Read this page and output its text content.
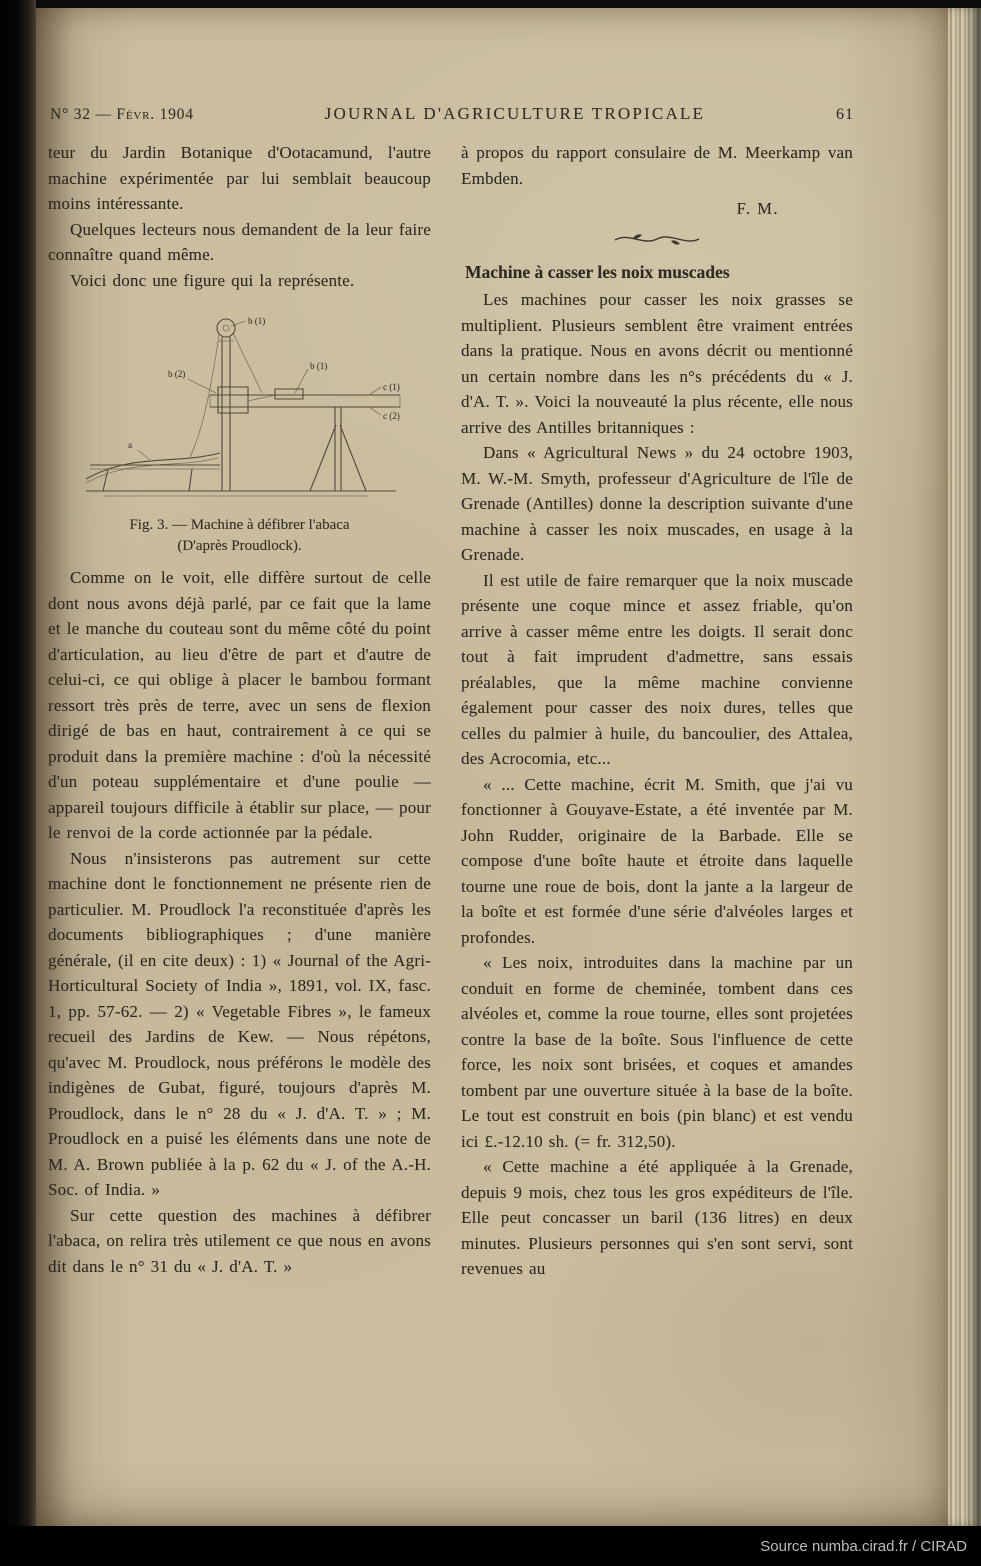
N° 32 — Févr. 1904	JOURNAL D'AGRICULTURE TROPICALE	61

teur du Jardin Botanique d'Ootacamund, l'autre machine expérimentée par lui semblait beaucoup moins intéressante.

Quelques lecteurs nous demandent de la leur faire connaître quand même.

Voici donc une figure qui la représente.

b (1)
b (1)
b (2)
c (1)
c (2)
a
Fig. 3. — Machine à défibrer l'abaca
(D'après Proudlock).

Comme on le voit, elle diffère surtout de celle dont nous avons déjà parlé, par ce fait que la lame et le manche du couteau sont du même côté du point d'articulation, au lieu d'être de part et d'autre de celui-ci, ce qui oblige à placer le bambou formant ressort très près de terre, avec un sens de flexion dirigé de bas en haut, contrairement à ce qui se produit dans la première machine : d'où la nécessité d'un poteau supplémentaire et d'une poulie — appareil toujours difficile à établir sur place, — pour le renvoi de la corde actionnée par la pédale.

Nous n'insisterons pas autrement sur cette machine dont le fonctionnement ne présente rien de particulier. M. Proudlock l'a reconstituée d'après les documents bibliographiques ; d'une manière générale, (il en cite deux) : 1) « Journal of the Agri-Horticultural Society of India », 1891, vol. IX, fasc. 1, pp. 57-62. — 2) « Vegetable Fibres », le fameux recueil des Jardins de Kew. — Nous répétons, qu'avec M. Proudlock, nous préférons le modèle des indigènes de Gubat, figuré, toujours d'après M. Proudlock, dans le n° 28 du « J. d'A. T. » ; M. Proudlock en a puisé les éléments dans une note de M. A. Brown publiée à la p. 62 du « J. of the A.-H. Soc. of India. »

Sur cette question des machines à défibrer l'abaca, on relira très utilement ce que nous en avons dit dans le n° 31 du « J. d'A. T. »

à propos du rapport consulaire de M. Meerkamp van Embden.

F. M.
Machine à casser les noix muscades

Les machines pour casser les noix grasses se multiplient. Plusieurs semblent être vraiment entrées dans la pratique. Nous en avons décrit ou mentionné un certain nombre dans les n°s précédents du « J. d'A. T. ». Voici la nouveauté la plus récente, elle nous arrive des Antilles britanniques :

Dans « Agricultural News » du 24 octobre 1903, M. W.-M. Smyth, professeur d'Agriculture de l'île de Grenade (Antilles) donne la description suivante d'une machine à casser les noix muscades, en usage à la Grenade.

Il est utile de faire remarquer que la noix muscade présente une coque mince et assez friable, qu'on arrive à casser même entre les doigts. Il serait donc tout à fait imprudent d'admettre, sans essais préalables, que la même machine convienne également pour casser des noix dures, telles que celles du palmier à huile, du bancoulier, des Attalea, des Acrocomia, etc...

« ... Cette machine, écrit M. Smith, que j'ai vu fonctionner à Gouyave-Estate, a été inventée par M. John Rudder, originaire de la Barbade. Elle se compose d'une boîte haute et étroite dans laquelle tourne une roue de bois, dont la jante a la largeur de la boîte et est formée d'une série d'alvéoles larges et profondes.

« Les noix, introduites dans la machine par un conduit en forme de cheminée, tombent dans ces alvéoles et, comme la roue tourne, elles sont projetées contre la base de la boîte. Sous l'influence de cette force, les noix sont brisées, et coques et amandes tombent par une ouverture située à la base de la boîte. Le tout est construit en bois (pin blanc) et est vendu ici £.-12.10 sh. (= fr. 312,50).

« Cette machine a été appliquée à la Grenade, depuis 9 mois, chez tous les gros expéditeurs de l'île. Elle peut concasser un baril (136 litres) en deux minutes. Plusieurs personnes qui s'en sont servi, sont revenues au

Source numba.cirad.fr / CIRAD
